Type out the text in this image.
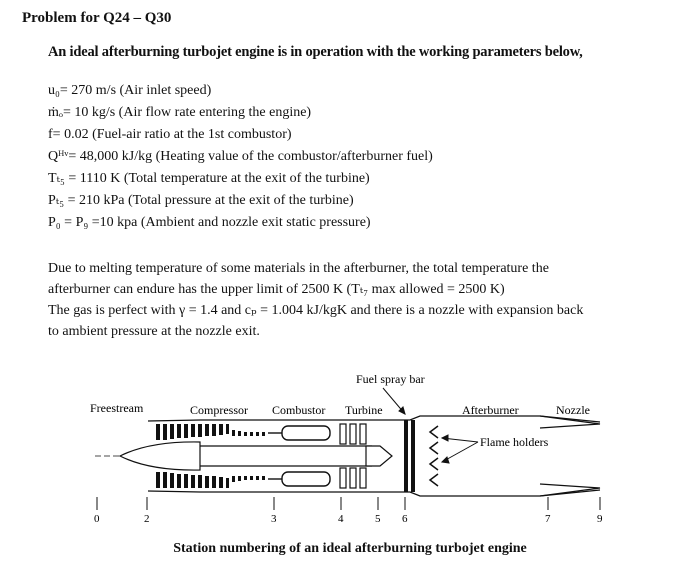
Problem for Q24 – Q30
An ideal afterburning turbojet engine is in operation with the working parameters below,
u₀= 270 m/s (Air inlet speed)
ṁₒ= 10 kg/s (Air flow rate entering the engine)
f= 0.02 (Fuel-air ratio at the 1st combustor)
Qᴴᵛ= 48,000 kJ/kg (Heating value of the combustor/afterburner fuel)
Tₜ₅ = 1110 K (Total temperature at the exit of the turbine)
Pₜ₅ = 210 kPa (Total pressure at the exit of the turbine)
P₀ = P₉ =10 kpa (Ambient and nozzle exit static pressure)
Due to melting temperature of some materials in the afterburner, the total temperature the
afterburner can endure has the upper limit of 2500 K (Tₜ₇ max allowed = 2500 K)
The gas is perfect with γ = 1.4 and cₚ = 1.004 kJ/kgK and there is a nozzle with expansion back
to ambient pressure at the nozzle exit.
Fuel spray bar
Freestream	Compressor Combustor Turbine	Afterburner	Nozzle
Flame holders
0	2	3	4	5 6	7	9
Station numbering of an ideal afterburning turbojet engine
